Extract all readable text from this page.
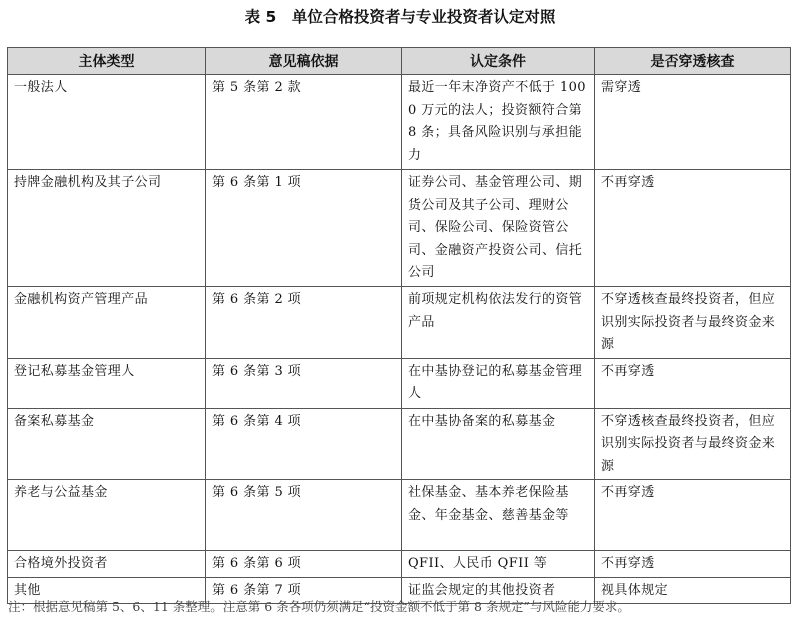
表 5　单位合格投资者与专业投资者认定对照
主体类型	意见稿依据	认定条件	是否穿透核查
一般法人	第 5 条第 2 款	最近一年末净资产不低于 1000 万元的法人；投资额符合第 8 条；具备风险识别与承担能力	需穿透
持牌金融机构及其子公司	第 6 条第 1 项	证券公司、基金管理公司、期货公司及其子公司、理财公司、保险公司、保险资管公司、金融资产投资公司、信托公司	不再穿透
金融机构资产管理产品	第 6 条第 2 项	前项规定机构依法发行的资管产品	不穿透核查最终投资者，但应识别实际投资者与最终资金来源
登记私募基金管理人	第 6 条第 3 项	在中基协登记的私募基金管理人	不再穿透
备案私募基金	第 6 条第 4 项	在中基协备案的私募基金	不穿透核查最终投资者，但应识别实际投资者与最终资金来源
养老与公益基金	第 6 条第 5 项	社保基金、基本养老保险基金、年金基金、慈善基金等	不再穿透
合格境外投资者	第 6 条第 6 项	QFII、人民币 QFII 等	不再穿透
其他	第 6 条第 7 项	证监会规定的其他投资者	视具体规定
注：根据意见稿第 5、6、11 条整理。注意第 6 条各项仍须满足“投资金额不低于第 8 条规定”与风险能力要求。
